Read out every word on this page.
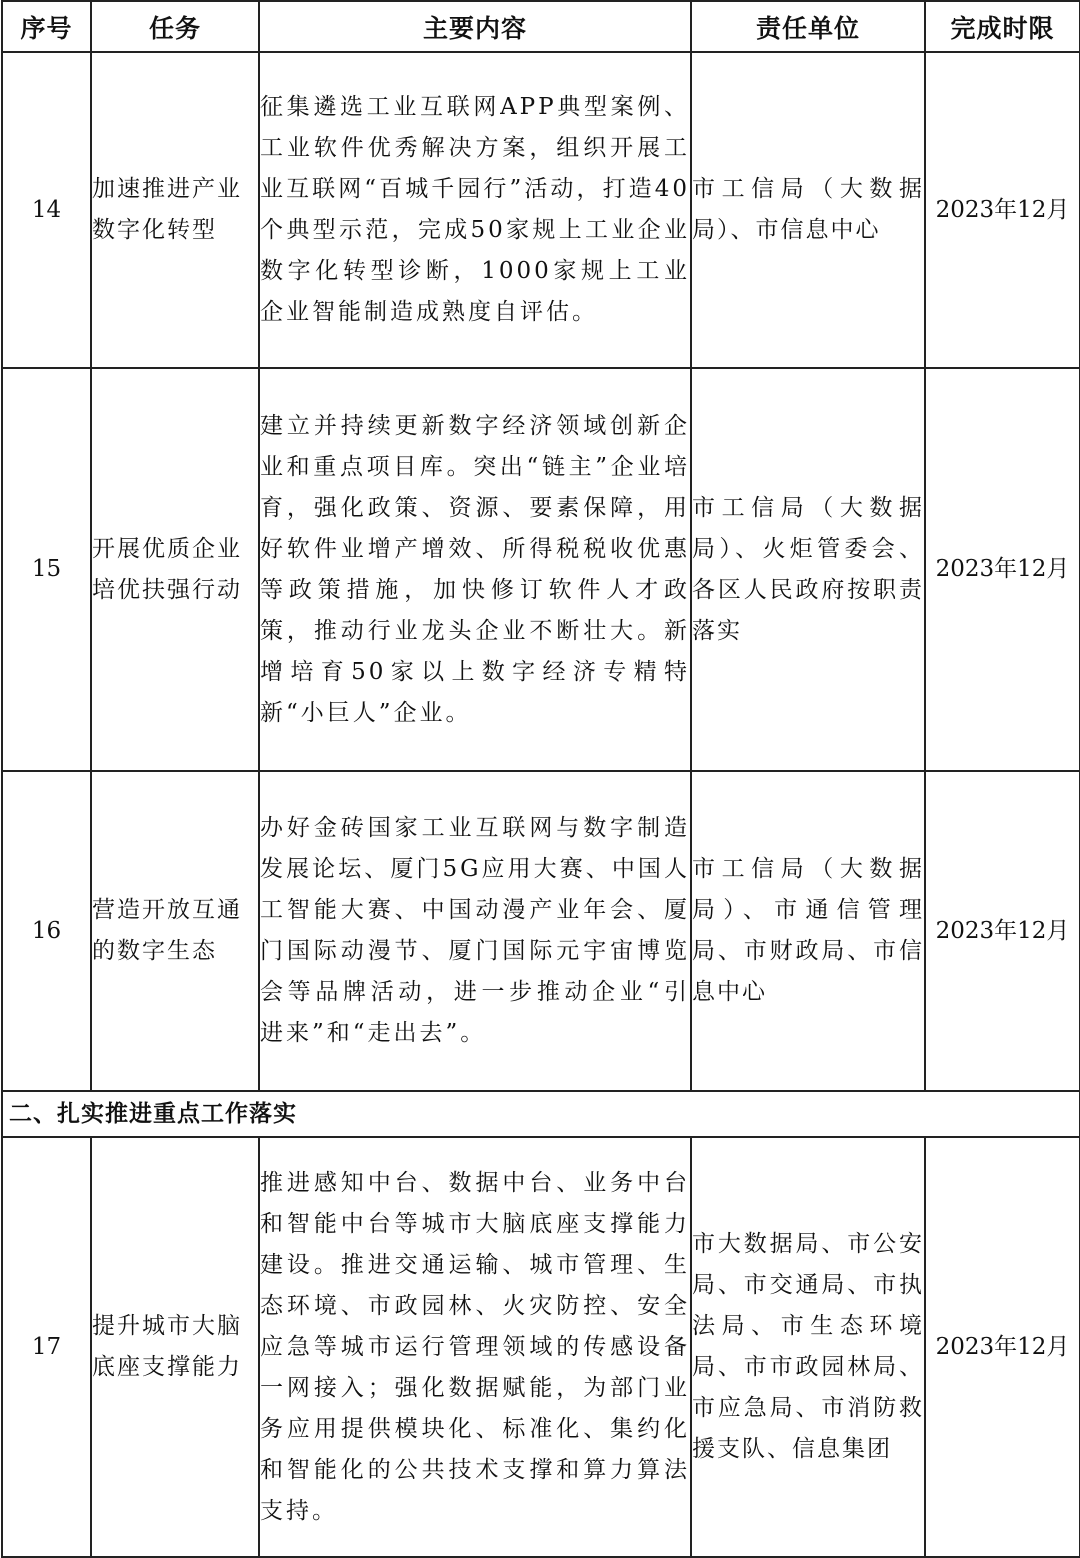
序号	任务	主要内容	责任单位	完成时限
14	加速推进产业数字化转型	征集遴选工业互联网APP典型案例、工业软件优秀解决方案，组织开展工业互联网“百城千园行”活动，打造40个典型示范，完成50家规上工业企业数字化转型诊断，1000家规上工业企业智能制造成熟度自评估。	市工信局（大数据局）、市信息中心	2023年12月
15	开展优质企业培优扶强行动	建立并持续更新数字经济领域创新企业和重点项目库。突出“链主”企业培育，强化政策、资源、要素保障，用好软件业增产增效、所得税税收优惠等政策措施，加快修订软件人才政策，推动行业龙头企业不断壮大。新增培育50家以上数字经济专精特新“小巨人”企业。	市工信局（大数据局）、火炬管委会、各区人民政府按职责落实	2023年12月
16	营造开放互通的数字生态	办好金砖国家工业互联网与数字制造发展论坛、厦门5G应用大赛、中国人工智能大赛、中国动漫产业年会、厦门国际动漫节、厦门国际元宇宙博览会等品牌活动，进一步推动企业“引进来”和“走出去”。	市工信局（大数据局）、市通信管理局、市财政局、市信息中心	2023年12月
二、扎实推进重点工作落实				
17	提升城市大脑底座支撑能力	推进感知中台、数据中台、业务中台和智能中台等城市大脑底座支撑能力建设。推进交通运输、城市管理、生态环境、市政园林、火灾防控、安全应急等城市运行管理领域的传感设备一网接入；强化数据赋能，为部门业务应用提供模块化、标准化、集约化和智能化的公共技术支撑和算力算法支持。	市大数据局、市公安局、市交通局、市执法局、市生态环境局、市市政园林局、市应急局、市消防救援支队、信息集团	2023年12月
